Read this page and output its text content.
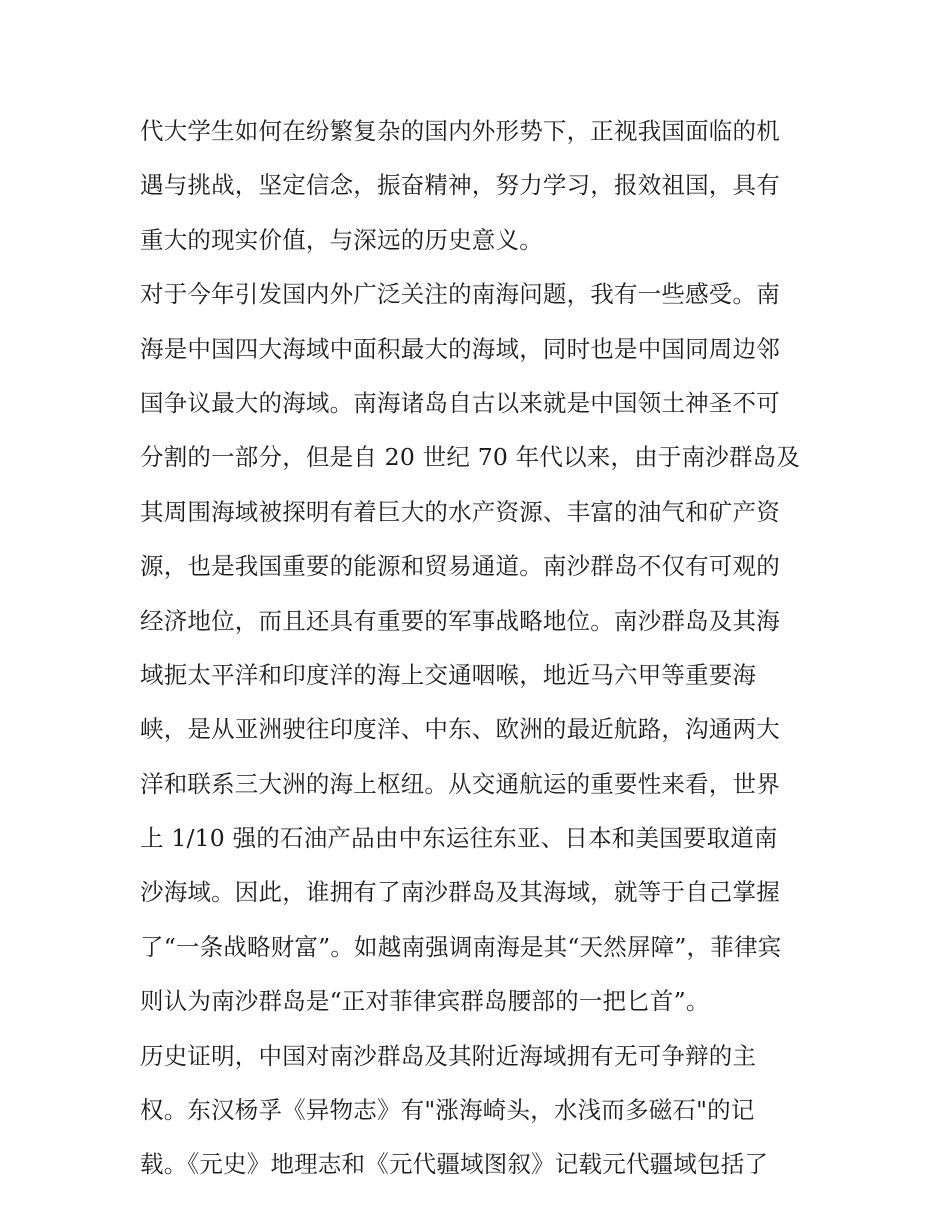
代大学生如何在纷繁复杂的国内外形势下，正视我国面临的机
遇与挑战，坚定信念，振奋精神，努力学习，报效祖国，具有
重大的现实价值，与深远的历史意义。
对于今年引发国内外广泛关注的南海问题，我有一些感受。南
海是中国四大海域中面积最大的海域，同时也是中国同周边邻
国争议最大的海域。南海诸岛自古以来就是中国领土神圣不可
分割的一部分，但是自 20 世纪 70 年代以来，由于南沙群岛及
其周围海域被探明有着巨大的水产资源、丰富的油气和矿产资
源，也是我国重要的能源和贸易通道。南沙群岛不仅有可观的
经济地位，而且还具有重要的军事战略地位。南沙群岛及其海
域扼太平洋和印度洋的海上交通咽喉，地近马六甲等重要海
峡，是从亚洲驶往印度洋、中东、欧洲的最近航路，沟通两大
洋和联系三大洲的海上枢纽。从交通航运的重要性来看，世界
上 1/10 强的石油产品由中东运往东亚、日本和美国要取道南
沙海域。因此，谁拥有了南沙群岛及其海域，就等于自己掌握
了“一条战略财富”。如越南强调南海是其“天然屏障”，菲律宾
则认为南沙群岛是“正对菲律宾群岛腰部的一把匕首”。
历史证明，中国对南沙群岛及其附近海域拥有无可争辩的主
权。东汉杨孚《异物志》有"涨海崎头，水浅而多磁石"的记
载。《元史》地理志和《元代疆域图叙》记载元代疆域包括了
